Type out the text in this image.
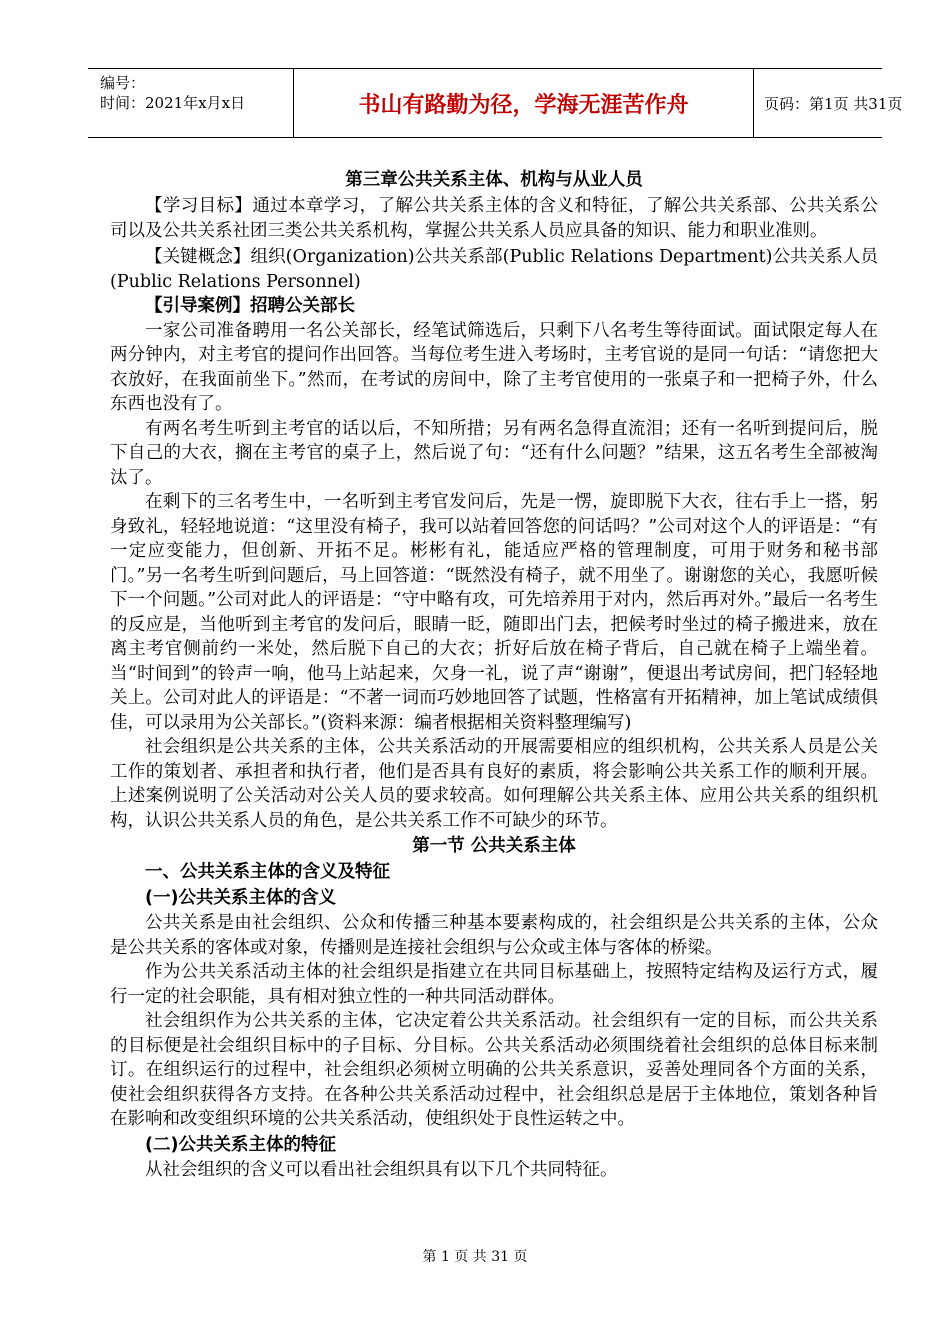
编号：
时间：2021年x月x日	书山有路勤为径，学海无涯苦作舟	页码：第1页 共31页
第三章公共关系主体、机构与从业人员

【学习目标】通过本章学习，了解公共关系主体的含义和特征，了解公共关系部、公共关系公司以及公共关系社团三类公共关系机构，掌握公共关系人员应具备的知识、能力和职业准则。

【关键概念】组织(Organization)公共关系部(Public Relations Department)公共关系人员(Public Relations Personnel)

【引导案例】招聘公关部长

一家公司准备聘用一名公关部长，经笔试筛选后，只剩下八名考生等待面试。面试限定每人在两分钟内，对主考官的提问作出回答。当每位考生进入考场时，主考官说的是同一句话：“请您把大衣放好，在我面前坐下。”然而，在考试的房间中，除了主考官使用的一张桌子和一把椅子外，什么东西也没有了。

有两名考生听到主考官的话以后，不知所措；另有两名急得直流泪；还有一名听到提问后，脱下自己的大衣，搁在主考官的桌子上，然后说了句：“还有什么问题？”结果，这五名考生全部被淘汰了。

在剩下的三名考生中，一名听到主考官发问后，先是一愣，旋即脱下大衣，往右手上一搭，躬身致礼，轻轻地说道：“这里没有椅子，我可以站着回答您的问话吗？”公司对这个人的评语是：“有一定应变能力，但创新、开拓不足。彬彬有礼，能适应严格的管理制度，可用于财务和秘书部门。”另一名考生听到问题后，马上回答道：“既然没有椅子，就不用坐了。谢谢您的关心，我愿听候下一个问题。”公司对此人的评语是：“守中略有攻，可先培养用于对内，然后再对外。”最后一名考生的反应是，当他听到主考官的发问后，眼睛一眨，随即出门去，把候考时坐过的椅子搬进来，放在离主考官侧前约一米处，然后脱下自己的大衣；折好后放在椅子背后，自己就在椅子上端坐着。当“时间到”的铃声一响，他马上站起来，欠身一礼，说了声“谢谢”，便退出考试房间，把门轻轻地关上。公司对此人的评语是：“不著一词而巧妙地回答了试题，性格富有开拓精神，加上笔试成绩俱佳，可以录用为公关部长。”(资料来源：编者根据相关资料整理编写)

社会组织是公共关系的主体，公共关系活动的开展需要相应的组织机构，公共关系人员是公关工作的策划者、承担者和执行者，他们是否具有良好的素质，将会影响公共关系工作的顺利开展。上述案例说明了公关活动对公关人员的要求较高。如何理解公共关系主体、应用公共关系的组织机构，认识公共关系人员的角色，是公共关系工作不可缺少的环节。

第一节 公共关系主体
一、公共关系主体的含义及特征
(一)公共关系主体的含义

公共关系是由社会组织、公众和传播三种基本要素构成的，社会组织是公共关系的主体，公众是公共关系的客体或对象，传播则是连接社会组织与公众或主体与客体的桥梁。

作为公共关系活动主体的社会组织是指建立在共同目标基础上，按照特定结构及运行方式，履行一定的社会职能，具有相对独立性的一种共同活动群体。

社会组织作为公共关系的主体，它决定着公共关系活动。社会组织有一定的目标，而公共关系的目标便是社会组织目标中的子目标、分目标。公共关系活动必须围绕着社会组织的总体目标来制订。在组织运行的过程中，社会组织必须树立明确的公共关系意识，妥善处理同各个方面的关系，使社会组织获得各方支持。在各种公共关系活动过程中，社会组织总是居于主体地位，策划各种旨在影响和改变组织环境的公共关系活动，使组织处于良性运转之中。

(二)公共关系主体的特征

从社会组织的含义可以看出社会组织具有以下几个共同特征。

第 1 页 共 31 页
